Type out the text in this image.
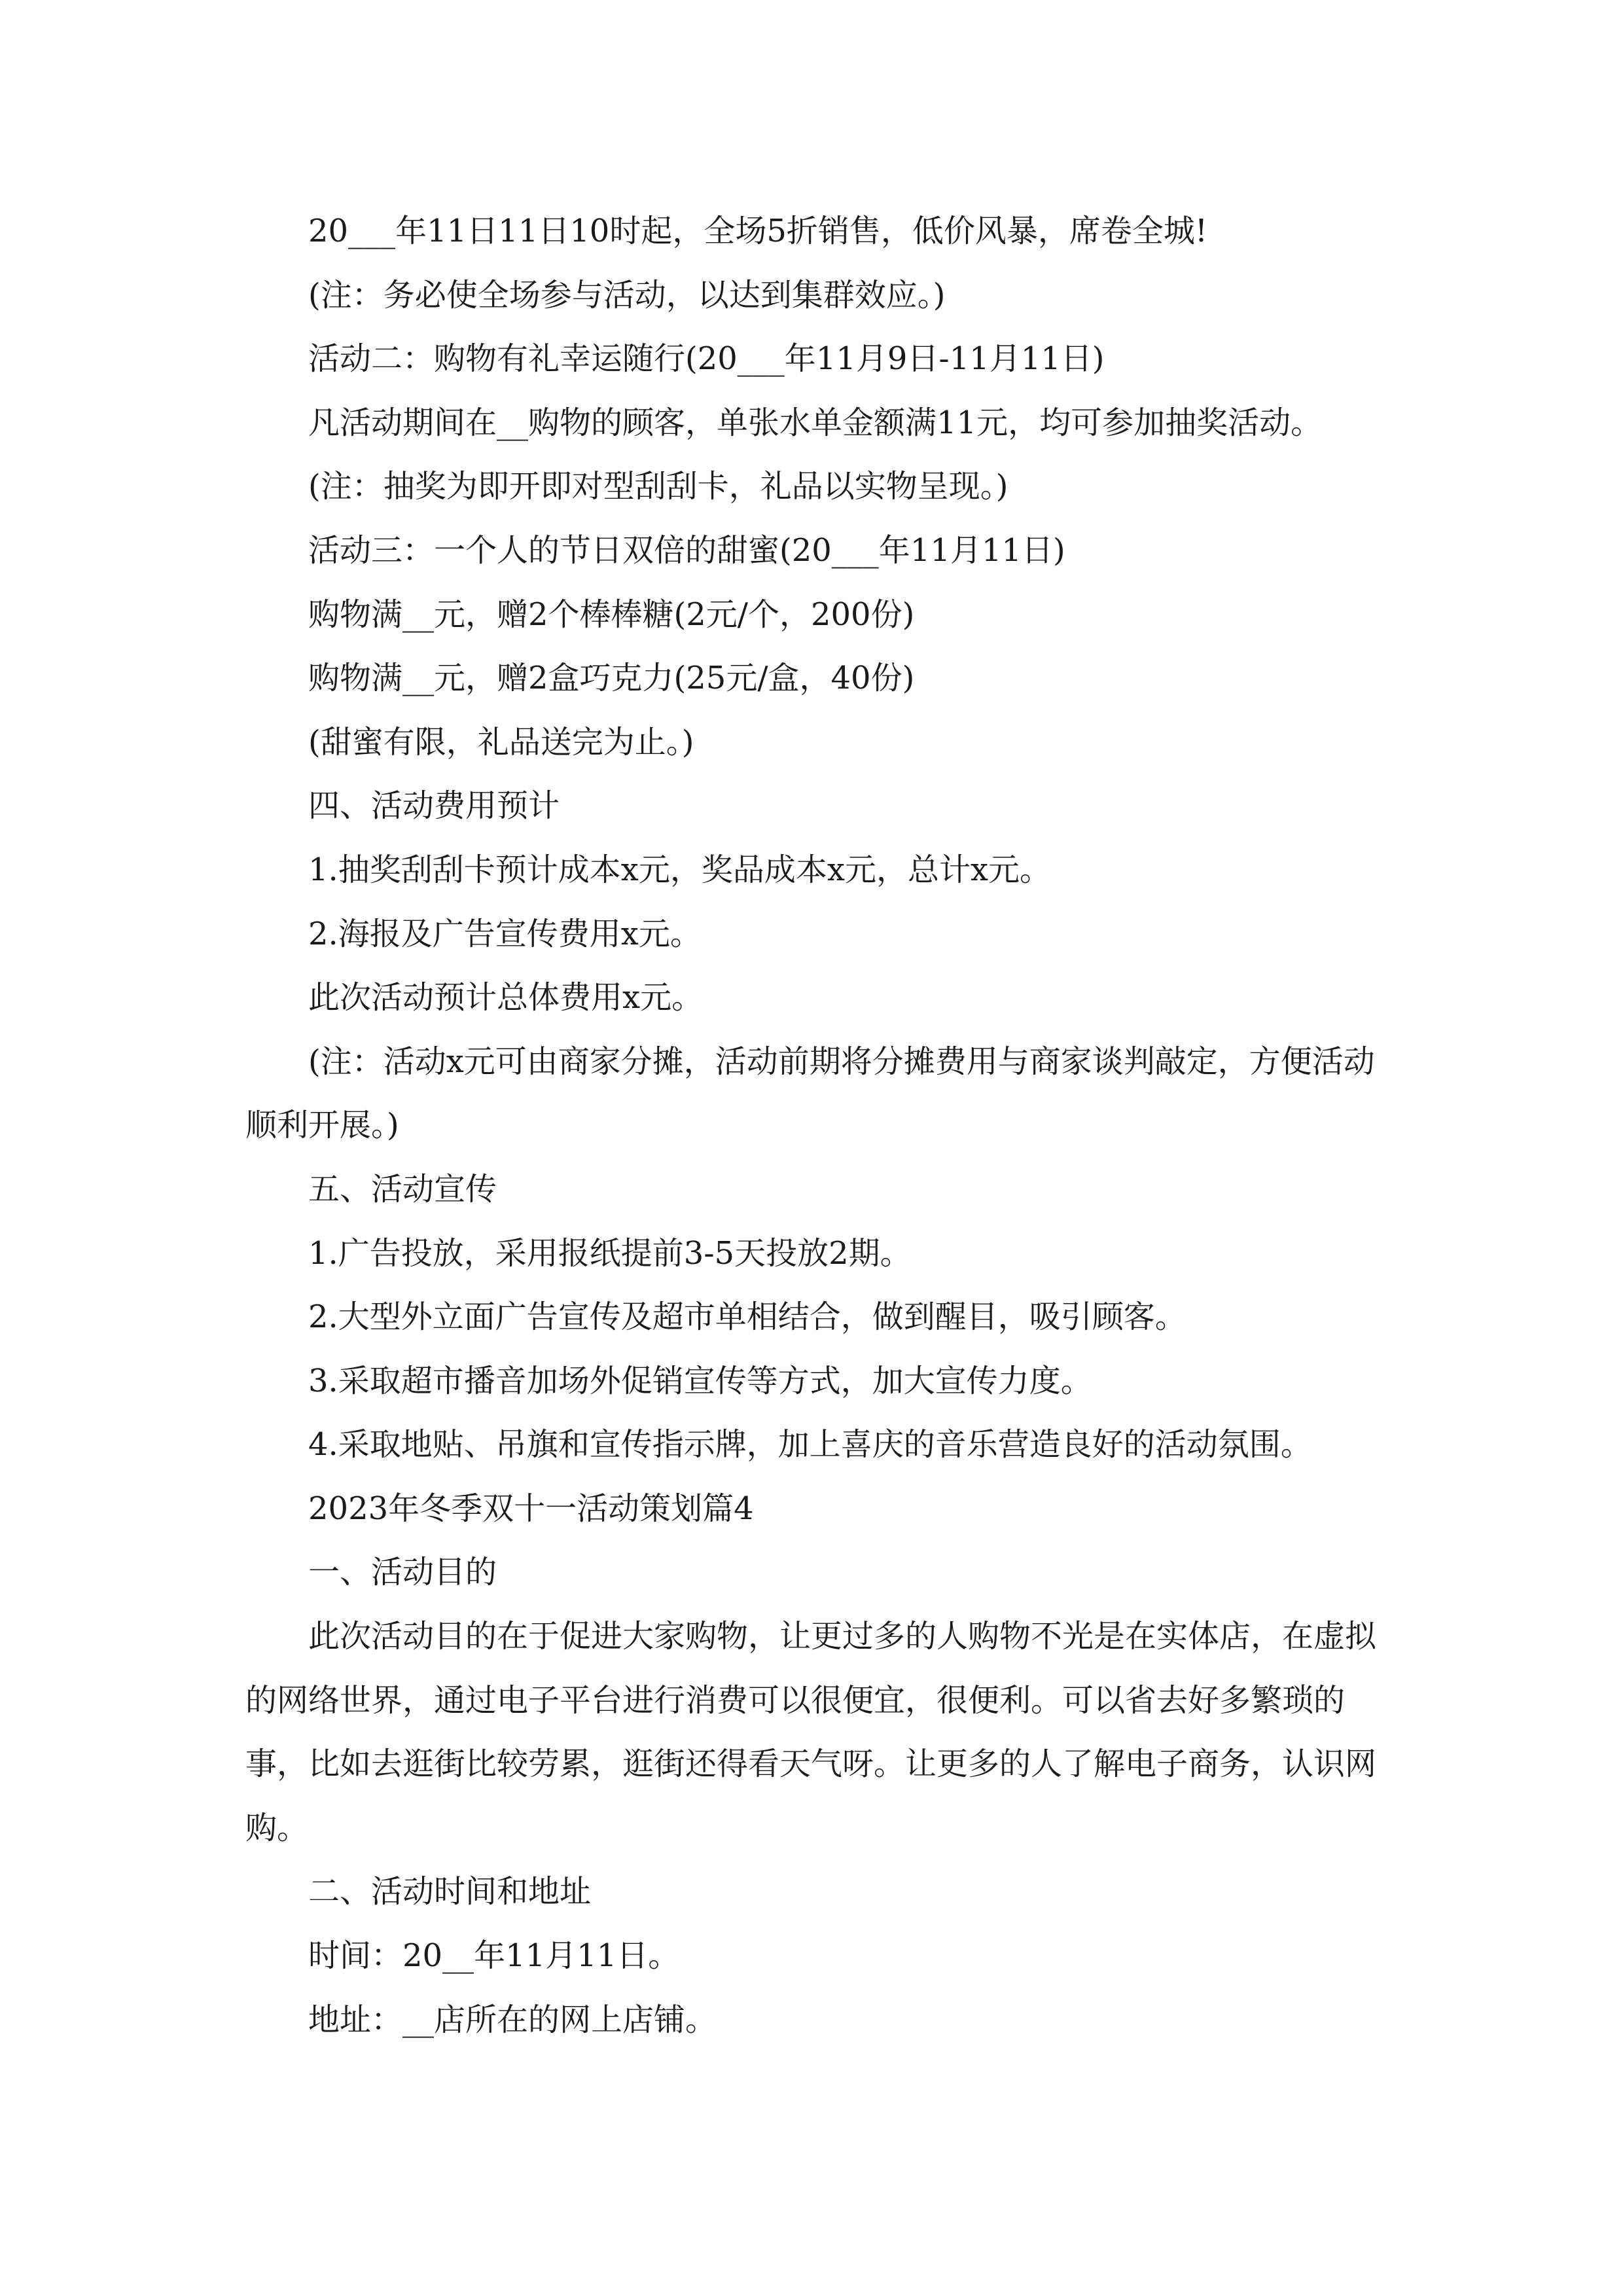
20___年11日11日10时起，全场5折销售，低价风暴，席卷全城!

(注：务必使全场参与活动，以达到集群效应。)

活动二：购物有礼幸运随行(20___年11月9日-11月11日)

凡活动期间在__购物的顾客，单张水单金额满11元，均可参加抽奖活动。

(注：抽奖为即开即对型刮刮卡，礼品以实物呈现。)

活动三：一个人的节日双倍的甜蜜(20___年11月11日)

购物满__元，赠2个棒棒糖(2元/个，200份)

购物满__元，赠2盒巧克力(25元/盒，40份)

(甜蜜有限，礼品送完为止。)

四、活动费用预计

1.抽奖刮刮卡预计成本x元，奖品成本x元，总计x元。

2.海报及广告宣传费用x元。

此次活动预计总体费用x元。

(注：活动x元可由商家分摊，活动前期将分摊费用与商家谈判敲定，方便活动顺利开展。)

五、活动宣传

1.广告投放，采用报纸提前3-5天投放2期。

2.大型外立面广告宣传及超市单相结合，做到醒目，吸引顾客。

3.采取超市播音加场外促销宣传等方式，加大宣传力度。

4.采取地贴、吊旗和宣传指示牌，加上喜庆的音乐营造良好的活动氛围。

2023年冬季双十一活动策划篇4

一、活动目的

此次活动目的在于促进大家购物，让更过多的人购物不光是在实体店，在虚拟的网络世界，通过电子平台进行消费可以很便宜，很便利。可以省去好多繁琐的事，比如去逛街比较劳累，逛街还得看天气呀。让更多的人了解电子商务，认识网购。

二、活动时间和地址

时间：20__年11月11日。

地址：__店所在的网上店铺。
